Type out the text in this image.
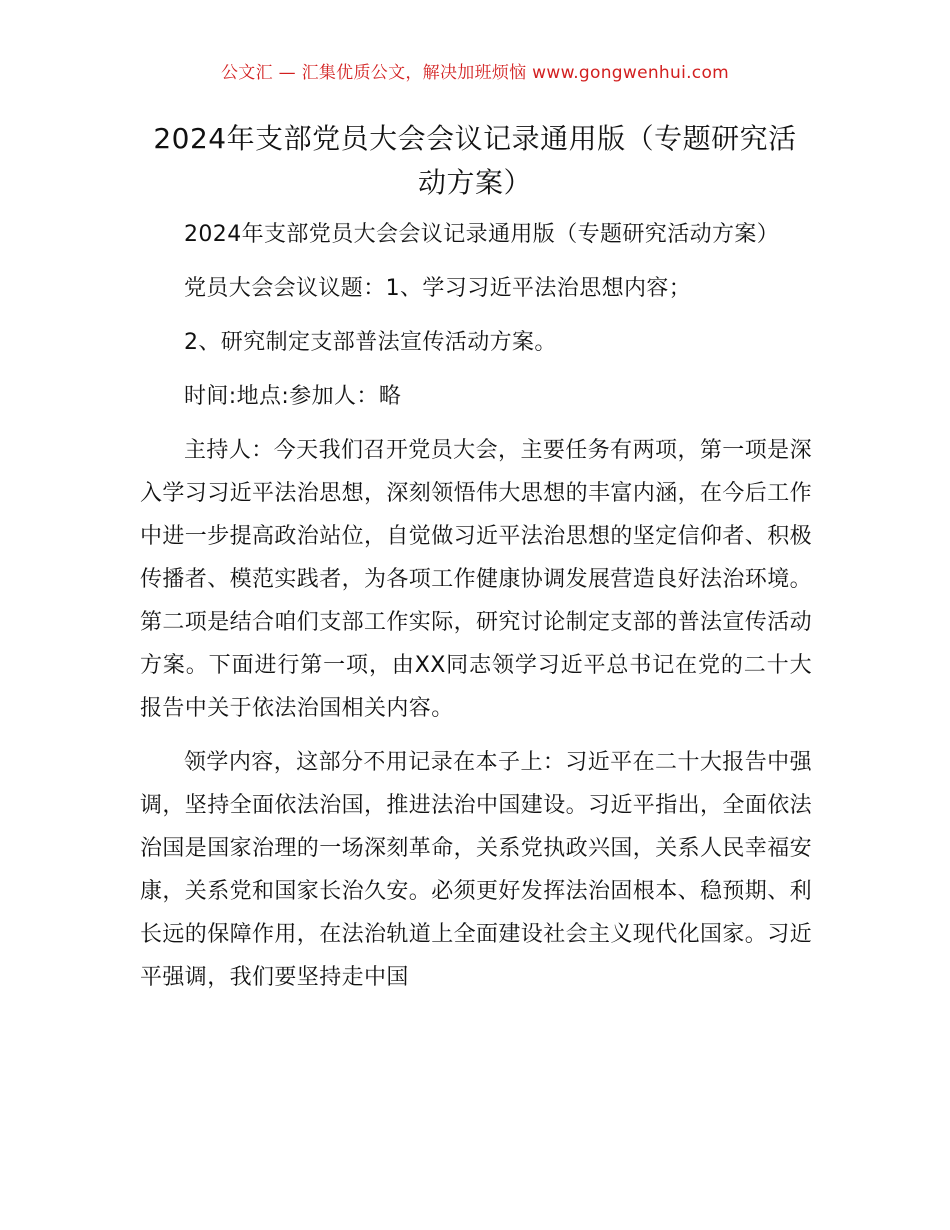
公文汇 — 汇集优质公文，解决加班烦恼 www.gongwenhui.com
2024年支部党员大会会议记录通用版（专题研究活动方案）

2024年支部党员大会会议记录通用版（专题研究活动方案）

党员大会会议议题：1、学习习近平法治思想内容；

2、研究制定支部普法宣传活动方案。

时间:地点:参加人：略

主持人：今天我们召开党员大会，主要任务有两项，第一项是深入学习习近平法治思想，深刻领悟伟大思想的丰富内涵，在今后工作中进一步提高政治站位，自觉做习近平法治思想的坚定信仰者、积极传播者、模范实践者，为各项工作健康协调发展营造良好法治环境。第二项是结合咱们支部工作实际，研究讨论制定支部的普法宣传活动方案。下面进行第一项，由XX同志领学习近平总书记在党的二十大报告中关于依法治国相关内容。

领学内容，这部分不用记录在本子上：习近平在二十大报告中强调，坚持全面依法治国，推进法治中国建设。习近平指出，全面依法治国是国家治理的一场深刻革命，关系党执政兴国，关系人民幸福安康，关系党和国家长治久安。必须更好发挥法治固根本、稳预期、利长远的保障作用，在法治轨道上全面建设社会主义现代化国家。习近平强调，我们要坚持走中国
